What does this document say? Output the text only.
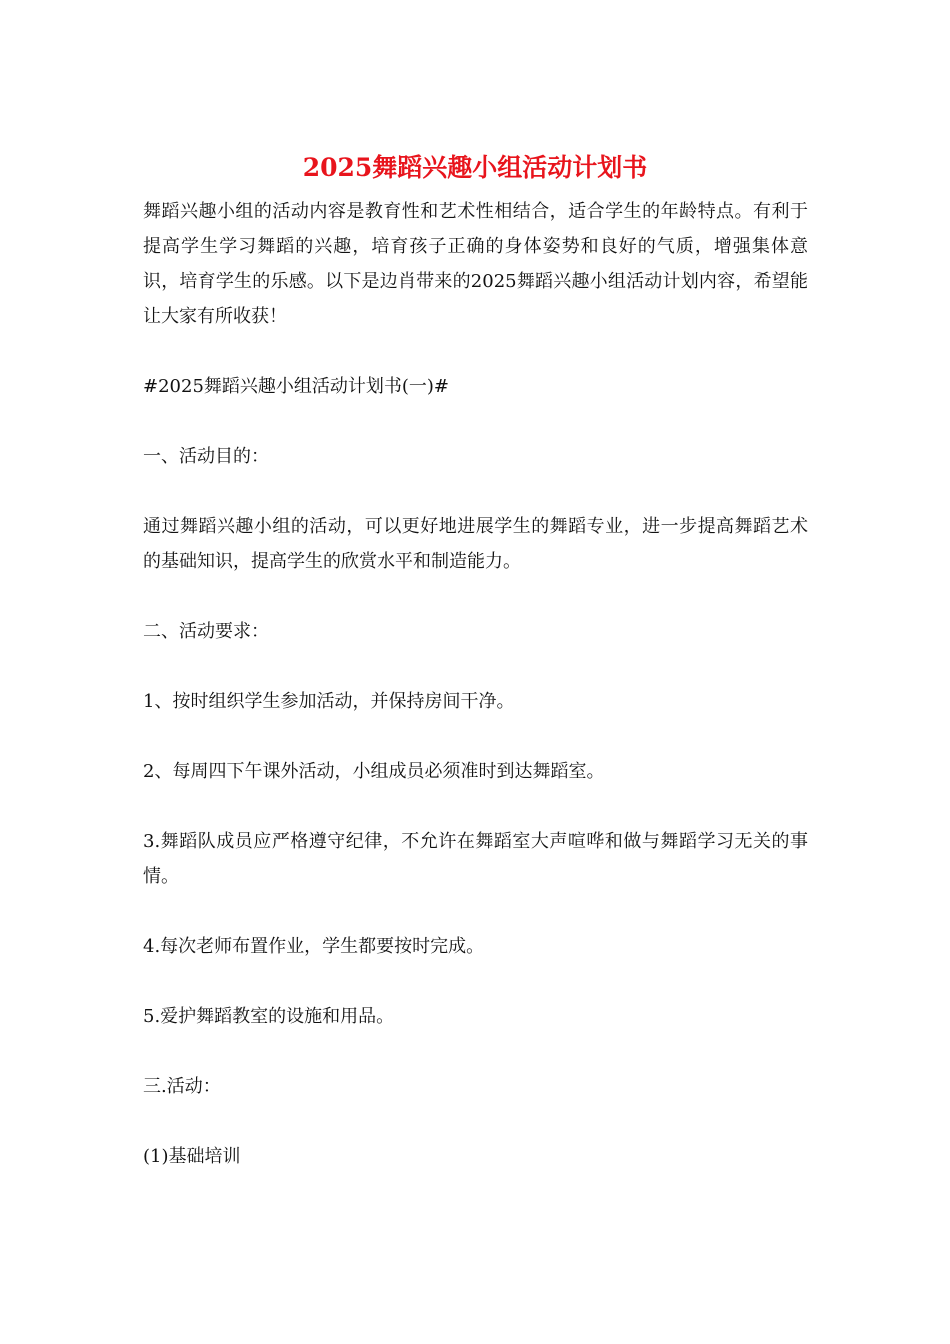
2025舞蹈兴趣小组活动计划书

舞蹈兴趣小组的活动内容是教育性和艺术性相结合，适合学生的年龄特点。有利于提高学生学习舞蹈的兴趣，培育孩子正确的身体姿势和良好的气质，增强集体意识，培育学生的乐感。以下是边肖带来的2025舞蹈兴趣小组活动计划内容，希望能让大家有所收获！

#2025舞蹈兴趣小组活动计划书(一)#

一、活动目的：

通过舞蹈兴趣小组的活动，可以更好地进展学生的舞蹈专业，进一步提高舞蹈艺术的基础知识，提高学生的欣赏水平和制造能力。

二、活动要求：

1、按时组织学生参加活动，并保持房间干净。

2、每周四下午课外活动，小组成员必须准时到达舞蹈室。

3.舞蹈队成员应严格遵守纪律，不允许在舞蹈室大声喧哗和做与舞蹈学习无关的事情。

4.每次老师布置作业，学生都要按时完成。

5.爱护舞蹈教室的设施和用品。

三.活动：

(1)基础培训
